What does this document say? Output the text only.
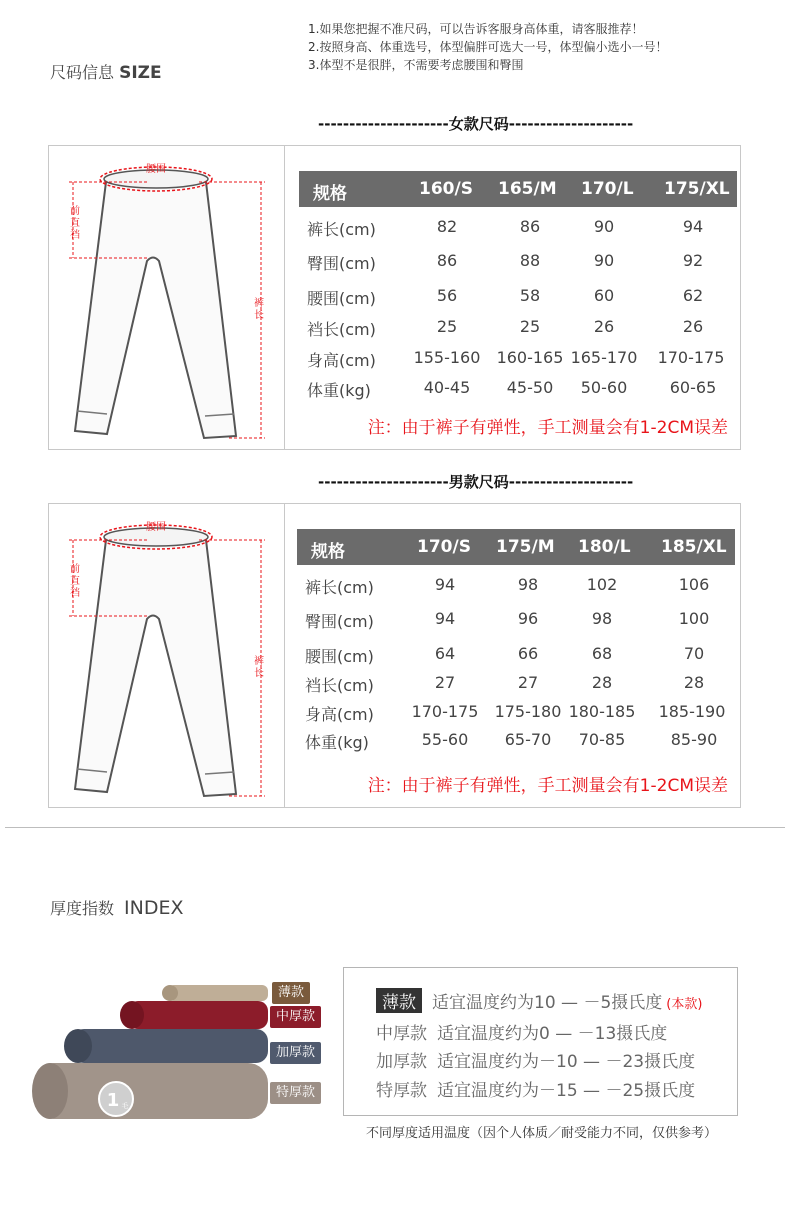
尺码信息 SIZE
1.如果您把握不准尺码，可以告诉客服身高体重，请客服推荐！
2.按照身高、体重选号，体型偏胖可选大一号，体型偏小选小一号！
3.体型不是很胖，不需要考虑腰围和臀围
---------------------女款尺码--------------------
腰围
前
直
裆
裤
长
规格	160/S 165/M 170/L 175/XL
裤长(cm)	82	86	90	94
臀围(cm)	86	88	90	92
腰围(cm)	56	58	60	62
裆长(cm)	25	25	26	26
身高(cm) 155-160 160-165 165-170	170-175
体重(kg)	40-45	45-50	50-60	60-65
注：由于裤子有弹性，手工测量会有1-2CM误差
---------------------男款尺码--------------------
腰围
前
直
裆
裤
长
规格	170/S 175/M 180/L 185/XL
裤长(cm)	94	98	102	106
臀围(cm)	94	96	98	100
腰围(cm)	64	66	68	70
裆长(cm)	27	27	28	28
身高(cm) 170-175 175-180 180-185	185-190
体重(kg)	55-60	65-70	70-85	85-90
注：由于裤子有弹性，手工测量会有1-2CM误差
厚度指数 INDEX
1 毛
薄款
中厚款
加厚款
特厚款
薄款 适宜温度约为10 — －5摄氏度 (本款)
中厚款 适宜温度约为0 — －13摄氏度
加厚款 适宜温度约为－10 — －23摄氏度
特厚款 适宜温度约为－15 — －25摄氏度
不同厚度适用温度（因个人体质／耐受能力不同，仅供参考）
